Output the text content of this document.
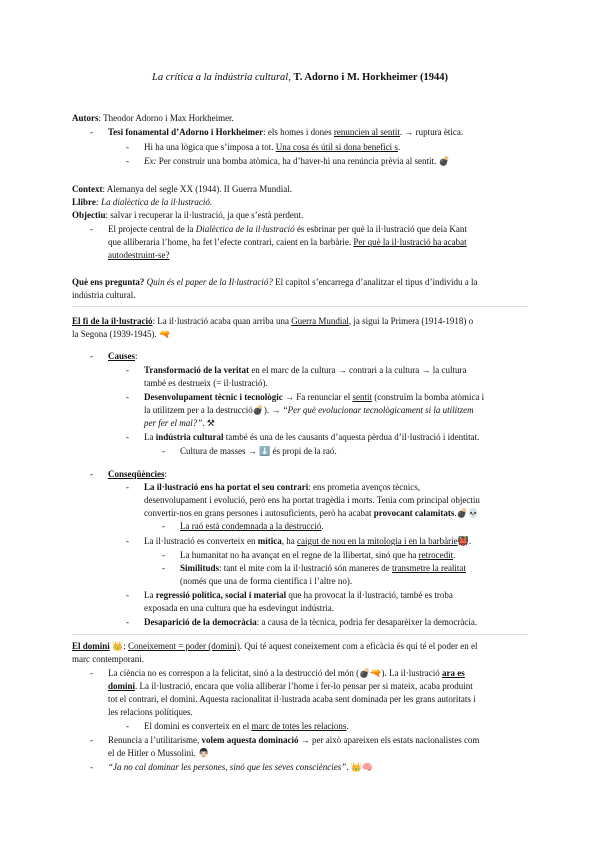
La crítica a la indústria cultural, T. Adorno i M. Horkheimer (1944)
Autors: Theodor Adorno i Max Horkheimer.
- Tesi fonamental d’Adorno i Horkheimer: els homes i dones renuncien al sentit. → ruptura ètica.
- Hi ha una lògica que s’imposa a tot. Una cosa és útil si dona benefici s.
- Ex: Per construir una bomba atòmica, ha d’haver-hi una renúncia prèvia al sentit. 💣
Context: Alemanya del segle XX (1944). II Guerra Mundial.
Llibre: La dialèctica de la il·lustració.
Objectiu: salvar i recuperar la il·lustració, ja que s’està perdent.
- El projecte central de la Dialèctica de la il·lustració és esbrinar per què la il·lustració que deia Kant
que alliberaria l’home, ha fet l’efecte contrari, caient en la barbàrie. Per què la il·lustració ha acabat
autodestruint-se?
Què ens pregunta? Quin és el paper de la Il·lustració? El capítol s’encarrega d’analitzar el tipus d’individu a la
indústria cultural.
El fi de la il·lustració: La il·lustració acaba quan arriba una Guerra Mundial, ja sigui la Primera (1914-1918) o
la Segona (1939-1945). 🔫
- Causes:
- Transformació de la veritat en el marc de la cultura → contrari a la cultura → la cultura
també es destrueix (= il·lustració).
- Desenvolupament tècnic i tecnològic → Fa renunciar el sentit (construïm la bomba atòmica i
la utilitzem per a la destrucció💣). → “Per què evolucionar tecnològicament si la utilitzem
per fer el mal?”. ⚒
- La indústria cultural també és una de les causants d’aquesta pèrdua d’il·lustració i identitat.
- Cultura de masses → ⬇️ és propi de la raó.
- Conseqüències:
- La il·lustració ens ha portat el seu contrari: ens prometia avenços tècnics,
desenvolupament i evolució, però ens ha portat tragèdia i morts. Tenia com principal objectiu
convertir-nos en grans persones i autosuficients, però ha acabat provocant calamitats.💣💀
- La raó està condemnada a la destrucció.
- La il·lustració es converteix en mítica, ha caigut de nou en la mitologia i en la barbàrie👹.
- La humanitat no ha avançat en el regne de la llibertat, sinó que ha retrocedit.
- Similituds: tant el mite com la il·lustració són maneres de transmetre la realitat
(només que una de forma científica i l’altre no).
- La regressió política, social i material que ha provocat la il·lustració, també es troba
exposada en una cultura que ha esdevingut indústria.
- Desaparició de la democràcia: a causa de la tècnica, podria fer desaparèixer la democràcia.
El domini 👑: Coneixement = poder (domini). Qui té aquest coneixement com a eficàcia és qui té el poder en el
marc contemporani.
- La ciència no es correspon a la felicitat, sinó a la destrucció del món (💣🔫). La il·lustració ara es
domini. La il·lustració, encara que volia alliberar l’home i fer-lo pensar per si mateix, acaba produint
tot el contrari, el domini. Aquesta racionalitat il·lustrada acaba sent dominada per les grans autoritats i
les relacions polítiques.
- El domini es converteix en el marc de totes les relacions.
- Renuncia a l’utilitarisme, volem aquesta dominació → per això apareixen els estats nacionalistes com
el de Hitler o Mussolini. 👨🏻
- “Ja no cal dominar les persones, sinó que les seves consciències”. 👑🧠
